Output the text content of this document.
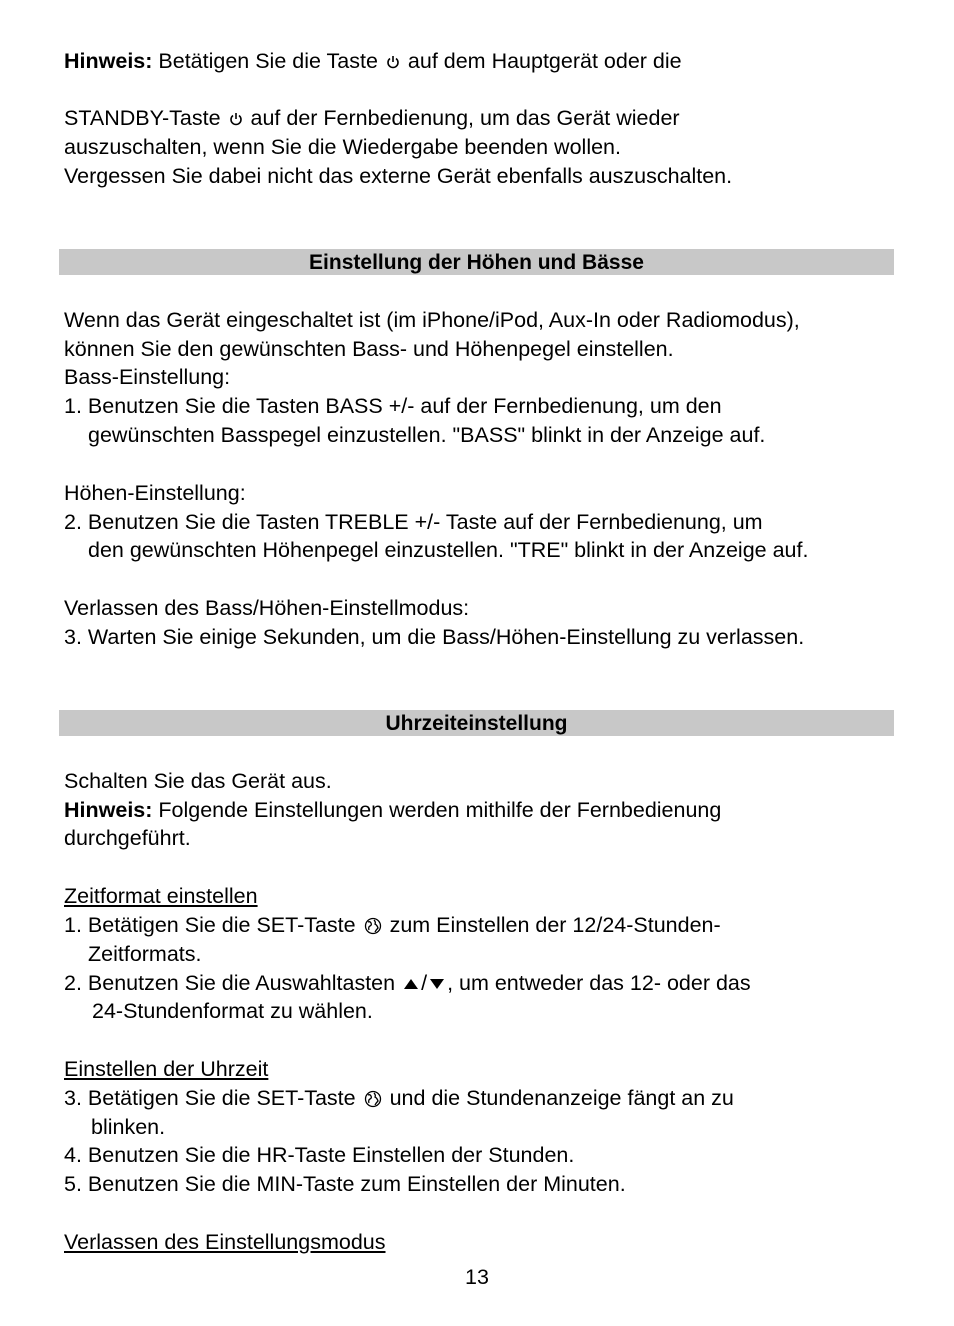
Hinweis: Betätigen Sie die Taste auf dem Hauptgerät oder die
STANDBY-Taste auf der Fernbedienung, um das Gerät wieder
auszuschalten, wenn Sie die Wiedergabe beenden wollen.
Vergessen Sie dabei nicht das externe Gerät ebenfalls auszuschalten.
Einstellung der Höhen und Bässe
Wenn das Gerät eingeschaltet ist (im iPhone/iPod, Aux-In oder Radiomodus),
können Sie den gewünschten Bass- und Höhenpegel einstellen.
Bass-Einstellung:
1. Benutzen Sie die Tasten BASS +/- auf der Fernbedienung, um den
gewünschten Basspegel einzustellen. "BASS" blinkt in der Anzeige auf.
Höhen-Einstellung:
2. Benutzen Sie die Tasten TREBLE +/- Taste auf der Fernbedienung, um
den gewünschten Höhenpegel einzustellen. "TRE" blinkt in der Anzeige auf.
Verlassen des Bass/Höhen-Einstellmodus:
3. Warten Sie einige Sekunden, um die Bass/Höhen-Einstellung zu verlassen.
Uhrzeiteinstellung
Schalten Sie das Gerät aus.
Hinweis: Folgende Einstellungen werden mithilfe der Fernbedienung
durchgeführt.
Zeitformat einstellen
1. Betätigen Sie die SET-Taste zum Einstellen der 12/24-Stunden-
Zeitformats.
2. Benutzen Sie die Auswahltasten / , um entweder das 12- oder das
24-Stundenformat zu wählen.
Einstellen der Uhrzeit
3. Betätigen Sie die SET-Taste und die Stundenanzeige fängt an zu
blinken.
4. Benutzen Sie die HR-Taste Einstellen der Stunden.
5. Benutzen Sie die MIN-Taste zum Einstellen der Minuten.
Verlassen des Einstellungsmodus
13
